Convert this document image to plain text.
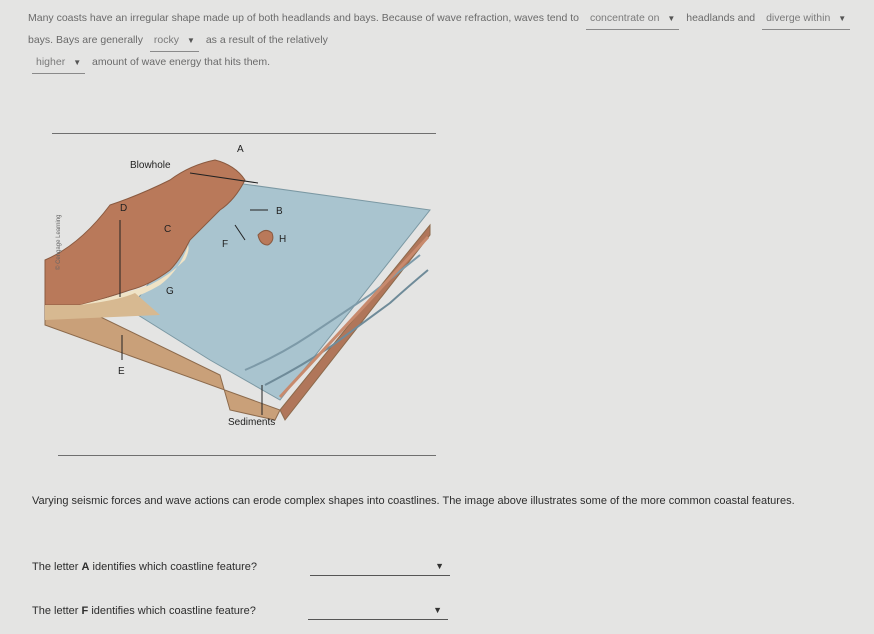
Many coasts have an irregular shape made up of both headlands and bays. Because of wave refraction, waves tend to concentrate on ▼ headlands and diverge within ▼ bays. Bays are generally rocky ▼ as a result of the relatively
higher ▼ amount of wave energy that hits them.
© Cengage Learning
A
Blowhole
D
C
B
F	H
G
E
Sediments
Varying seismic forces and wave actions can erode complex shapes into coastlines. The image above illustrates some of the more common coastal features.
The letter A identifies which coastline feature?	▼
The letter F identifies which coastline feature?	▼
